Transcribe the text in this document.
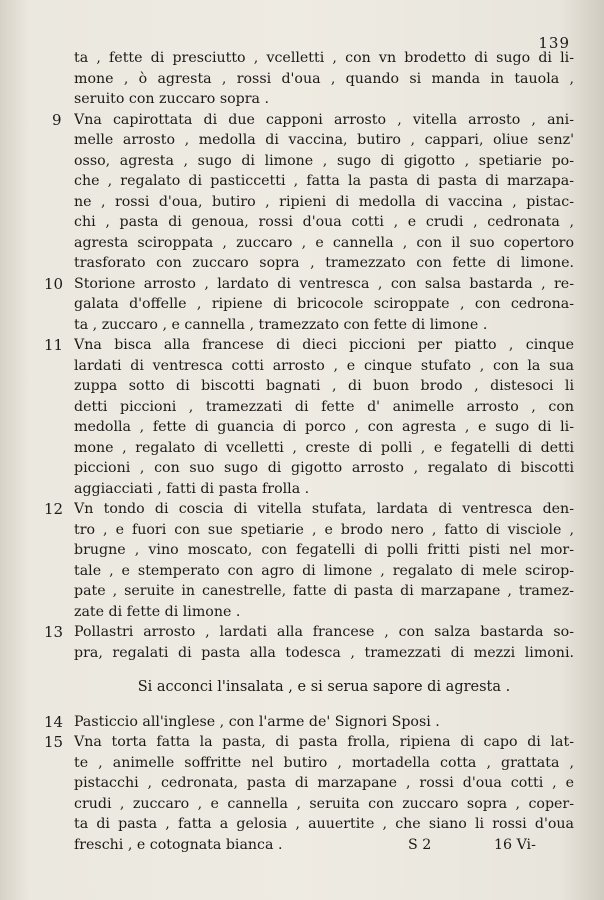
139
ta , fette di presciutto , vcelletti , con vn brodetto di sugo di li-
mone , ò agresta , rossi d'oua , quando si manda in tauola ,
seruito con zuccaro sopra .
9 Vna capirottata di due capponi arrosto , vitella arrosto , ani-
melle arrosto , medolla di vaccina, butiro , cappari, oliue senz'
osso, agresta , sugo di limone , sugo di gigotto , spetiarie po-
che , regalato di pasticcetti , fatta la pasta di pasta di marzapa-
ne , rossi d'oua, butiro , ripieni di medolla di vaccina , pistac-
chi , pasta di genoua, rossi d'oua cotti , e crudi , cedronata ,
agresta sciroppata , zuccaro , e cannella , con il suo copertoro
trasforato con zuccaro sopra , tramezzato con fette di limone.
10 Storione arrosto , lardato di ventresca , con salsa bastarda , re-
galata d'offelle , ripiene di bricocole sciroppate , con cedrona-
ta , zuccaro , e cannella , tramezzato con fette di limone .
11 Vna bisca alla francese di dieci piccioni per piatto , cinque
lardati di ventresca cotti arrosto , e cinque stufato , con la sua
zuppa sotto di biscotti bagnati , di buon brodo , distesoci li
detti piccioni , tramezzati di fette d' animelle arrosto , con
medolla , fette di guancia di porco , con agresta , e sugo di li-
mone , regalato di vcelletti , creste di polli , e fegatelli di detti
piccioni , con suo sugo di gigotto arrosto , regalato di biscotti
aggiacciati , fatti di pasta frolla .
12 Vn tondo di coscia di vitella stufata, lardata di ventresca den-
tro , e fuori con sue spetiarie , e brodo nero , fatto di visciole ,
brugne , vino moscato, con fegatelli di polli fritti pisti nel mor-
tale , e stemperato con agro di limone , regalato di mele scirop-
pate , seruite in canestrelle, fatte di pasta di marzapane , tramez-
zate di fette di limone .
13 Pollastri arrosto , lardati alla francese , con salza bastarda so-
pra, regalati di pasta alla todesca , tramezzati di mezzi limoni.
Si acconci l'insalata , e si serua sapore di agresta .
14 Pasticcio all'inglese , con l'arme de' Signori Sposi .
15 Vna torta fatta la pasta, di pasta frolla, ripiena di capo di lat-
te , animelle soffritte nel butiro , mortadella cotta , grattata ,
pistacchi , cedronata, pasta di marzapane , rossi d'oua cotti , e
crudi , zuccaro , e cannella , seruita con zuccaro sopra , coper-
ta di pasta , fatta a gelosia , auuertite , che siano li rossi d'oua
freschi , e cotognata bianca .	S 2	16 Vi-
